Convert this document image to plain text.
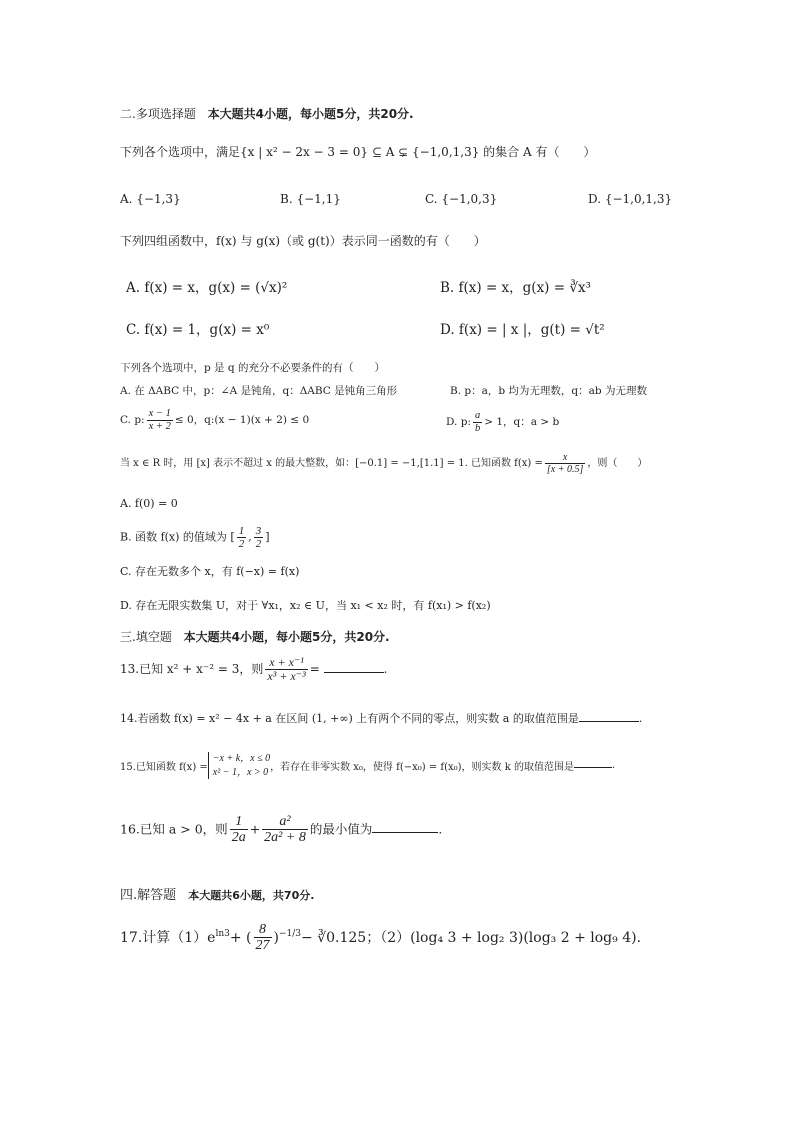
二.多项选择题 本大题共4小题，每小题5分，共20分.
下列各个选项中，满足{x | x² − 2x − 3 = 0} ⊆ A ⊊ {−1,0,1,3} 的集合 A 有（　　）
A. {−1,3}	B. {−1,1}	C. {−1,0,3}	D. {−1,0,1,3}
下列四组函数中，f(x) 与 g(x)（或 g(t)）表示同一函数的有（　　）
A. f(x) = x，g(x) = (√x)²	B. f(x) = x，g(x) = ∛x³
C. f(x) = 1，g(x) = x⁰	D. f(x) = | x |，g(t) = √t²
下列各个选项中，p 是 q 的充分不必要条件的有（　　）
A. 在 ΔABC 中，p：∠A 是钝角，q：ΔABC 是钝角三角形	B. p：a，b 均为无理数，q：ab 为无理数
C. p: $\frac{x - 1}{x + 2} \le 0$，q:(x − 1)(x + 2) ≤ 0	D. p: $\frac{a}{b} > 1$，q：a > b
当 x ∈ R 时，用 [x] 表示不超过 x 的最大整数，如：[−0.1] = −1,[1.1] = 1. 已知函数 $f(x) = \frac{x}{[x + 0.5]}$ ，则（　　）
A. f(0) = 0
B. 函数 f(x) 的值域为 [ $\frac{1}{2}$ , $\frac{3}{2}$ ]
C. 存在无数多个 x，有 f(−x) = f(x)
D. 存在无限实数集 U，对于 ∀x₁，x₂ ∈ U，当 x₁ < x₂ 时，有 f(x₁) > f(x₂)
三.填空题 本大题共4小题，每小题5分，共20分.
13.已知 x² + x⁻² = 3，则 $\frac{\text{x + x⁻¹}}{\text{x³ + x⁻³}}$ =	.
14.若函数 f(x) = x² − 4x + a 在区间 (1, +∞) 上有两个不同的零点，则实数 a 的取值范围是	.
15.已知函数 f(x) =
−x + k，x ≤ 0
x² − 1，x > 0 ，若存在非零实数 x₀，使得 f(−x₀) = f(x₀)，则实数 k 的取值范围是	.
16.已知 a > 0，则 $\frac{1}{2a} + \frac{\text{a²}}{\text{2a² + 8}}$ 的最小值为	.
四.解答题 本大题共6小题，共70分.
17.计算$(1)e^{ln3}+$ ( $\frac{8}{27} )^{-1/3}-$ ∛0.125；（2）(log₄ 3 + log₂ 3)(log₃ 2 + log₉ 4).
